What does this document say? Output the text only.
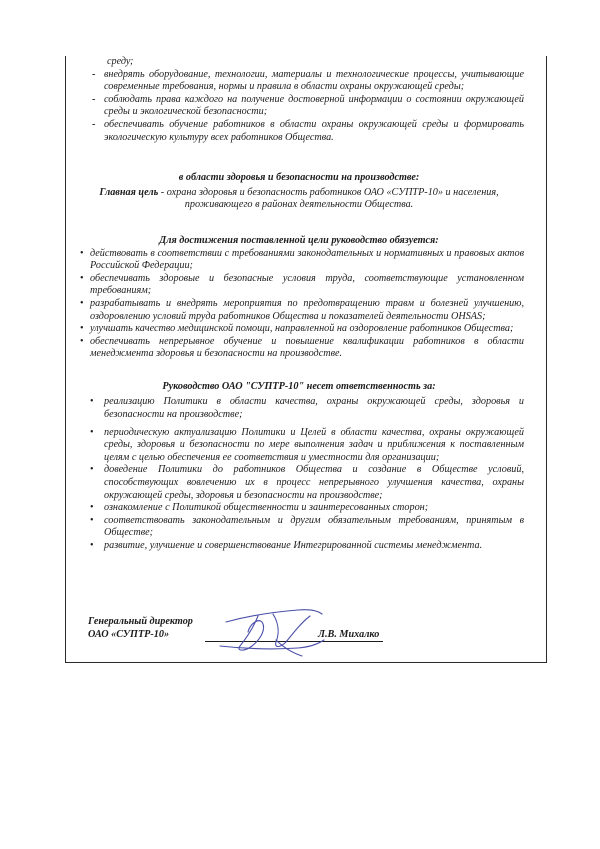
среду;
- внедрять оборудование, технологии, материалы и технологические процессы, учитывающие современные требования, нормы и правила в области охраны окружающей среды;
- соблюдать права каждого на получение достоверной информации о состоянии окружающей среды и экологической безопасности;
- обеспечивать обучение работников в области охраны окружающей среды и формировать экологическую культуру всех работников Общества.
в области здоровья и безопасности на производстве:
Главная цель - охрана здоровья и безопасность работников ОАО «СУПТР-10» и населения, проживающего в районах деятельности Общества.
Для достижения поставленной цели руководство обязуется:
• действовать в соответствии с требованиями законодательных и нормативных и правовых актов Российской Федерации;
• обеспечивать здоровые и безопасные условия труда, соответствующие установленном требованиям;
• разрабатывать и внедрять мероприятия по предотвращению травм и болезней улучшению, оздоровлению условий труда работников Общества и показателей деятельности OHSAS;
• улучшать качество медицинской помощи, направленной на оздоровление работников Общества;
• обеспечивать непрерывное обучение и повышение квалификации работников в области менеджмента здоровья и безопасности на производстве.
Руководство ОАО "СУПТР-10" несет ответственность за:
• реализацию Политики в области качества, охраны окружающей среды, здоровья и безопасности на производстве;
• периодическую актуализацию Политики и Целей в области качества, охраны окружающей среды, здоровья и безопасности по мере выполнения задач и приближения к поставленным целям с целью обеспечения ее соответствия и уместности для организации;
• доведение Политики до работников Общества и создание в Обществе условий, способствующих вовлечению их в процесс непрерывного улучшения качества, охраны окружающей среды, здоровья и безопасности на производстве;
• ознакомление с Политикой общественности и заинтересованных сторон;
• соответствовать законодательным и другим обязательным требованиям, принятым в Обществе;
• развитие, улучшение и совершенствование Интегрированной системы менеджмента.
Генеральный директор
ОАО «СУПТР-10»	Л.В. Михалко
